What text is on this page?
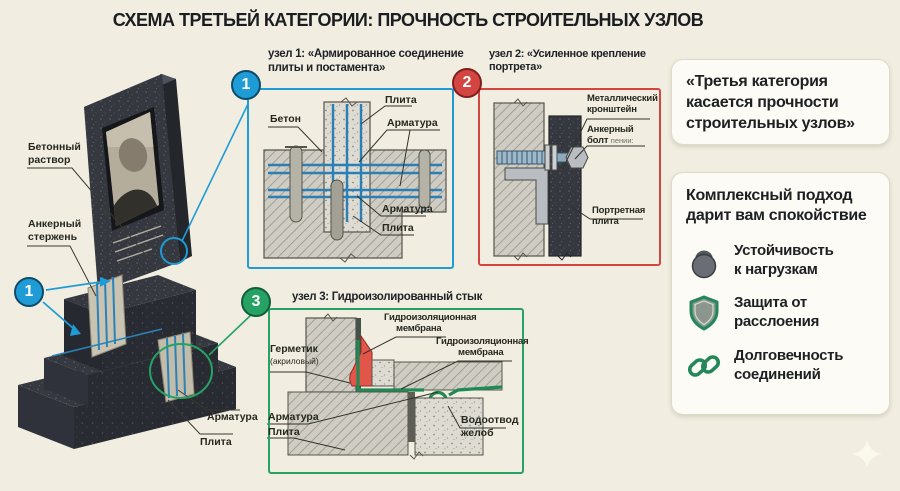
СХЕМА ТРЕТЬЕЙ КАТЕГОРИИ: ПРОЧНОСТЬ СТРОИТЕЛЬНЫХ УЗЛОВ
1
1	2
3
узел 1: «Армированное соединение
плиты и постамента»
узел 2: «Усиленное крепление
портрета»
узел 3: Гидроизолированный стык
Бетонный
раствор
Анкерный
стержень
Арматура
Плита
Бетон
Плита
Арматура
Арматура
Плита
Металлический
кронштейн
Анкерный
болт пении:
Портретная
плита
Герметик
(акриловый)
Гидроизоляционная
мембрана
Гидроизоляционная
мембрана
Арматура
Плита
Водоотвод
желоб
«Третья категория
касается прочности
строительных узлов»
Комплексный подход
дарит вам спокойствие
Устойчивость
к нагрузкам
Защита от
расслоения
Долговечность
соединений
